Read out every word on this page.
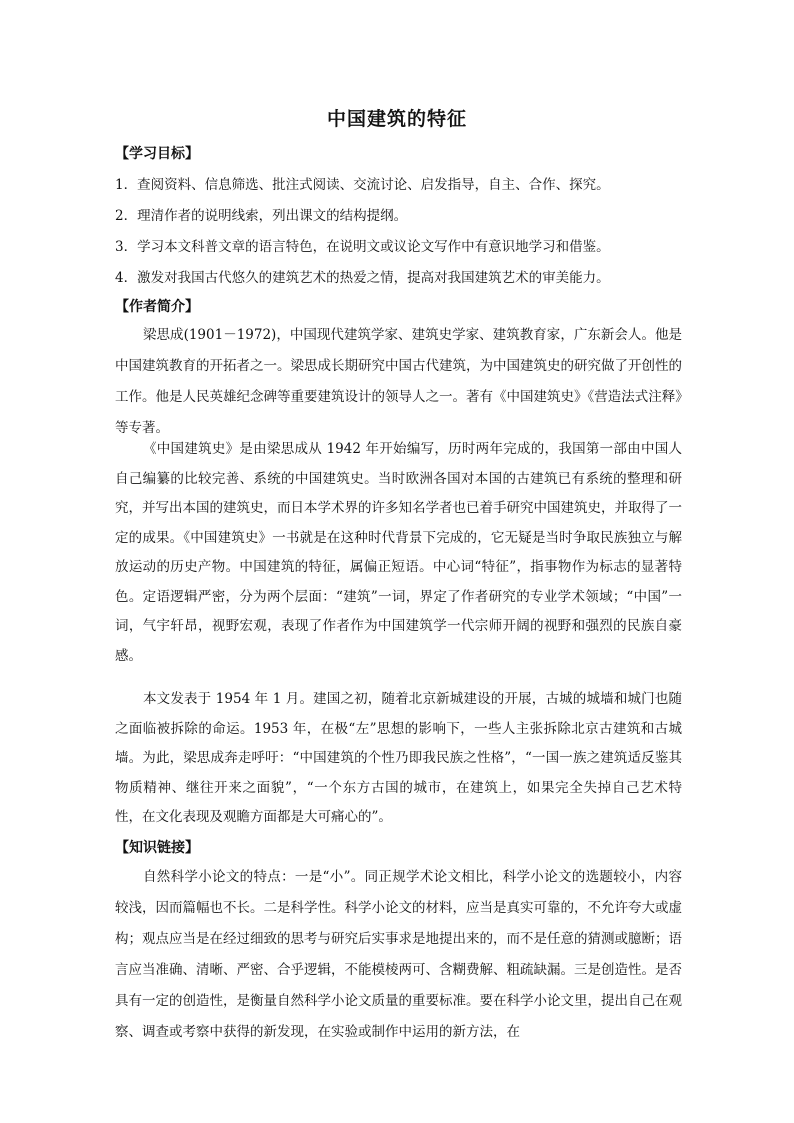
中国建筑的特征
【学习目标】
1．查阅资料、信息筛选、批注式阅读、交流讨论、启发指导，自主、合作、探究。
2．理清作者的说明线索，列出课文的结构提纲。
3．学习本文科普文章的语言特色，在说明文或议论文写作中有意识地学习和借鉴。
4．激发对我国古代悠久的建筑艺术的热爱之情，提高对我国建筑艺术的审美能力。
【作者简介】

梁思成(1901－1972)，中国现代建筑学家、建筑史学家、建筑教育家，广东新会人。他是中国建筑教育的开拓者之一。梁思成长期研究中国古代建筑，为中国建筑史的研究做了开创性的工作。他是人民英雄纪念碑等重要建筑设计的领导人之一。著有《中国建筑史》《营造法式注释》等专著。

《中国建筑史》是由梁思成从 1942 年开始编写，历时两年完成的，我国第一部由中国人自己编纂的比较完善、系统的中国建筑史。当时欧洲各国对本国的古建筑已有系统的整理和研究，并写出本国的建筑史，而日本学术界的许多知名学者也已着手研究中国建筑史，并取得了一定的成果。《中国建筑史》一书就是在这种时代背景下完成的，它无疑是当时争取民族独立与解放运动的历史产物。中国建筑的特征，属偏正短语。中心词“特征”，指事物作为标志的显著特色。定语逻辑严密，分为两个层面：“建筑”一词，界定了作者研究的专业学术领域；“中国”一词，气宇轩昂，视野宏观，表现了作者作为中国建筑学一代宗师开阔的视野和强烈的民族自豪感。

本文发表于 1954 年 1 月。建国之初，随着北京新城建设的开展，古城的城墙和城门也随之面临被拆除的命运。1953 年，在极“左”思想的影响下，一些人主张拆除北京古建筑和古城墙。为此，梁思成奔走呼吁：“中国建筑的个性乃即我民族之性格”，“一国一族之建筑适反鉴其物质精神、继往开来之面貌”，“一个东方古国的城市，在建筑上，如果完全失掉自己艺术特性，在文化表现及观瞻方面都是大可痛心的”。

【知识链接】

自然科学小论文的特点：一是“小”。同正规学术论文相比，科学小论文的选题较小，内容较浅，因而篇幅也不长。二是科学性。科学小论文的材料，应当是真实可靠的，不允许夸大或虚构；观点应当是在经过细致的思考与研究后实事求是地提出来的，而不是任意的猜测或臆断；语言应当准确、清晰、严密、合乎逻辑，不能模棱两可、含糊费解、粗疏缺漏。三是创造性。是否具有一定的创造性，是衡量自然科学小论文质量的重要标准。要在科学小论文里，提出自己在观察、调查或考察中获得的新发现，在实验或制作中运用的新方法，在
